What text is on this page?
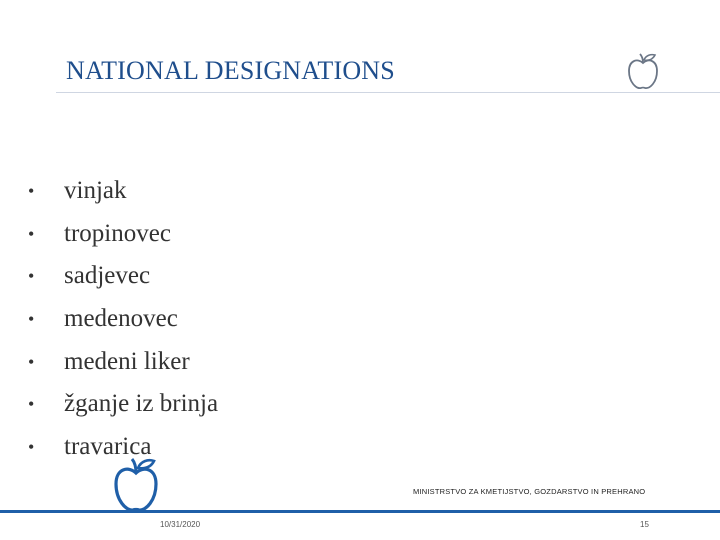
NATIONAL DESIGNATIONS
•	vinjak
•	tropinovec
•	sadjevec
•	medenovec
•	medeni liker
•	žganje iz brinja
•	travarica
MINISTRSTVO ZA KMETIJSTVO, GOZDARSTVO IN PREHRANO
10/31/2020	15
